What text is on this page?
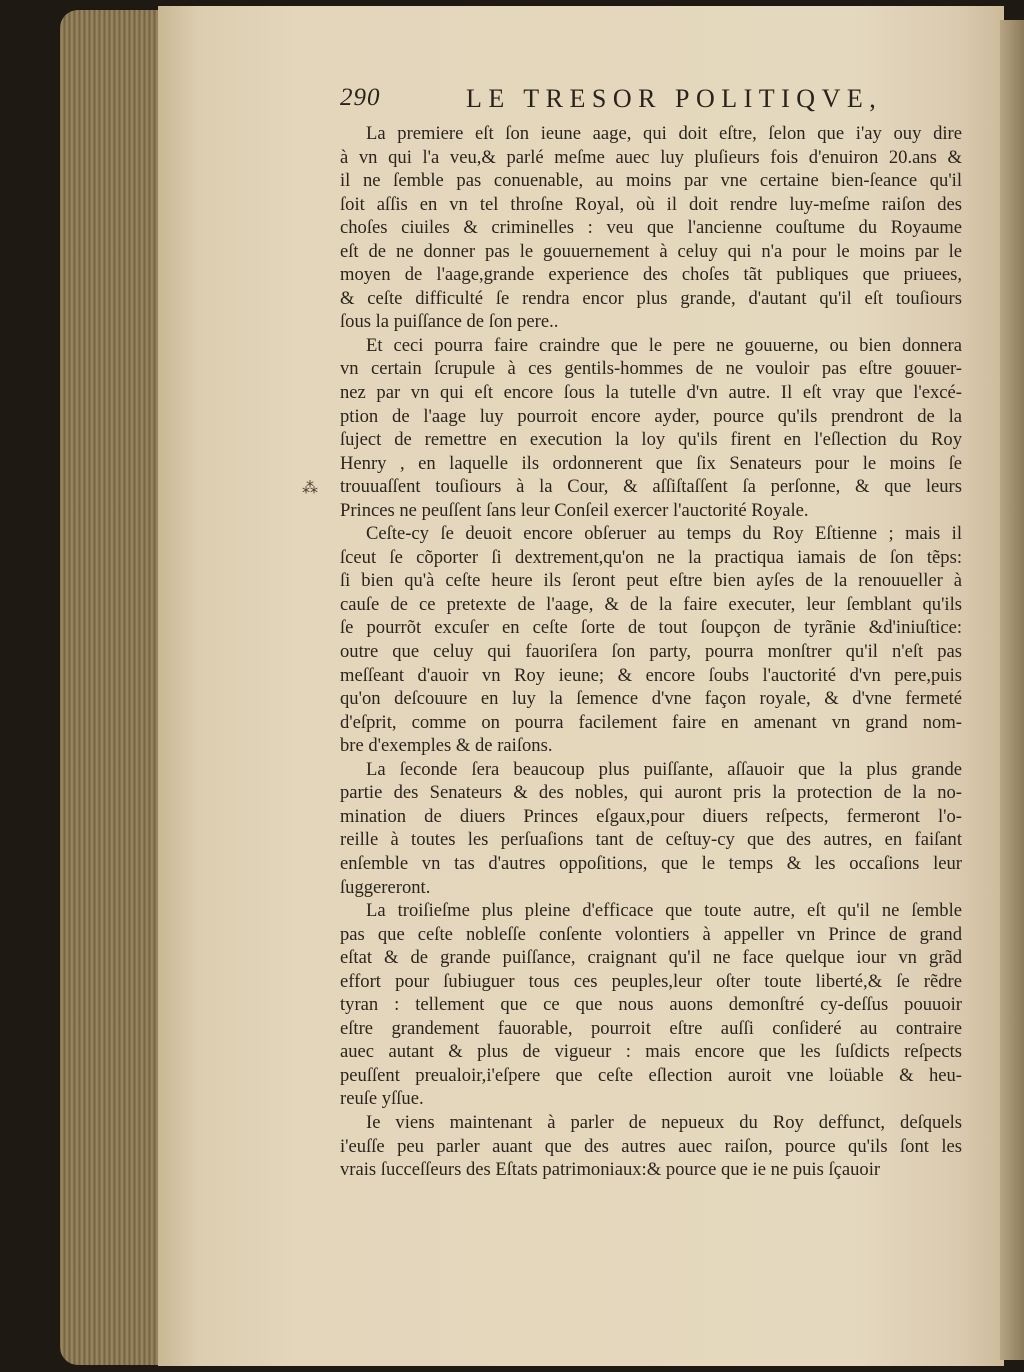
290	LE TRESOR POLITIQVE,
⁂
La premiere eſt ſon ieune aage, qui doit eſtre, ſelon que i'ay ouy dire
à vn qui l'a veu,& parlé meſme auec luy pluſieurs fois d'enuiron 20.ans &
il ne ſemble pas conuenable, au moins par vne certaine bien-ſeance qu'il
ſoit aſſis en vn tel throſne Royal, où il doit rendre luy-meſme raiſon des
choſes ciuiles & criminelles : veu que l'ancienne couſtume du Royaume
eſt de ne donner pas le gouuernement à celuy qui n'a pour le moins par le
moyen de l'aage,grande experience des choſes tãt publiques que priuees,
& ceſte difficulté ſe rendra encor plus grande, d'autant qu'il eſt touſiours
ſous la puiſſance de ſon pere..
Et ceci pourra faire craindre que le pere ne gouuerne, ou bien donnera
vn certain ſcrupule à ces gentils-hommes de ne vouloir pas eſtre gouuer-
nez par vn qui eſt encore ſous la tutelle d'vn autre. Il eſt vray que l'excé-
ption de l'aage luy pourroit encore ayder, pource qu'ils prendront de la
ſuject de remettre en execution la loy qu'ils firent en l'eſlection du Roy
Henry , en laquelle ils ordonnerent que ſix Senateurs pour le moins ſe
trouuaſſent touſiours à la Cour, & aſſiſtaſſent ſa perſonne, & que leurs
Princes ne peuſſent ſans leur Conſeil exercer l'auctorité Royale.
Ceſte-cy ſe deuoit encore obſeruer au temps du Roy Eſtienne ; mais il
ſceut ſe cõporter ſi dextrement,qu'on ne la practiqua iamais de ſon tẽps:
ſi bien qu'à ceſte heure ils ſeront peut eſtre bien ayſes de la renouueller à
cauſe de ce pretexte de l'aage, & de la faire executer, leur ſemblant qu'ils
ſe pourrõt excuſer en ceſte ſorte de tout ſoupçon de tyrãnie &d'iniuſtice:
outre que celuy qui fauoriſera ſon party, pourra monſtrer qu'il n'eſt pas
meſſeant d'auoir vn Roy ieune; & encore ſoubs l'auctorité d'vn pere,puis
qu'on deſcouure en luy la ſemence d'vne façon royale, & d'vne fermeté
d'eſprit, comme on pourra facilement faire en amenant vn grand nom-
bre d'exemples & de raiſons.
La ſeconde ſera beaucoup plus puiſſante, aſſauoir que la plus grande
partie des Senateurs & des nobles, qui auront pris la protection de la no-
mination de diuers Princes eſgaux,pour diuers reſpects, fermeront l'o-
reille à toutes les perſuaſions tant de ceſtuy-cy que des autres, en faiſant
enſemble vn tas d'autres oppoſitions, que le temps & les occaſions leur
ſuggereront.
La troiſieſme plus pleine d'efficace que toute autre, eſt qu'il ne ſemble
pas que ceſte nobleſſe conſente volontiers à appeller vn Prince de grand
eſtat & de grande puiſſance, craignant qu'il ne face quelque iour vn grãd
effort pour ſubiuguer tous ces peuples,leur oſter toute liberté,& ſe rẽdre
tyran : tellement que ce que nous auons demonſtré cy-deſſus pouuoir
eſtre grandement fauorable, pourroit eſtre auſſi conſideré au contraire
auec autant & plus de vigueur : mais encore que les ſuſdicts reſpects
peuſſent preualoir,i'eſpere que ceſte eſlection auroit vne loüable & heu-
reuſe yſſue.
Ie viens maintenant à parler de nepueux du Roy deffunct, deſquels
i'euſſe peu parler auant que des autres auec raiſon, pource qu'ils ſont les
vrais ſucceſſeurs des Eſtats patrimoniaux:& pource que ie ne puis ſçauoir
